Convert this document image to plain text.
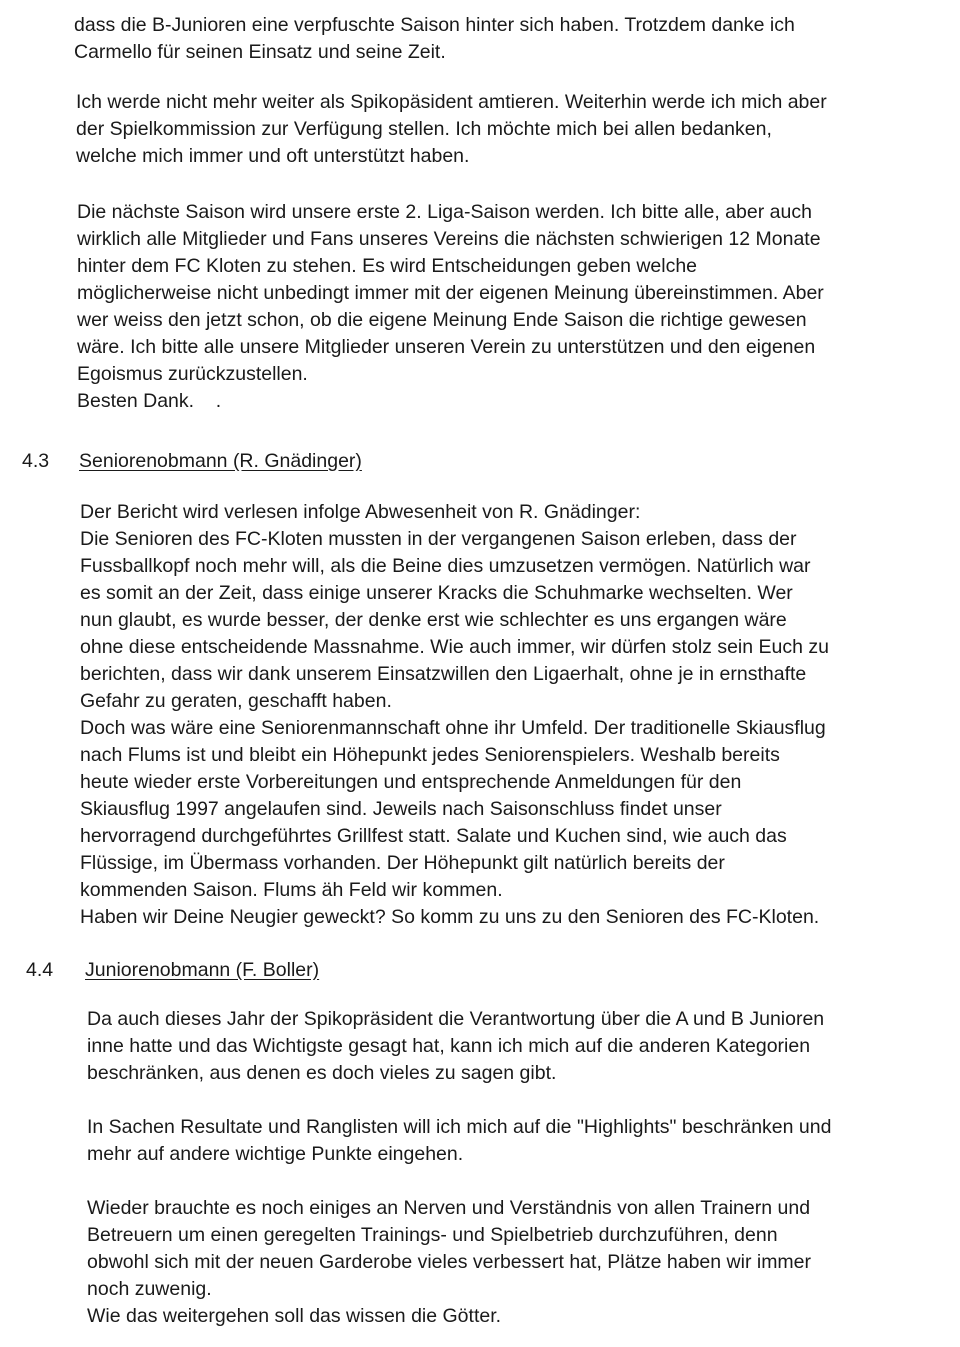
dass die B-Junioren eine verpfuschte Saison hinter sich haben. Trotzdem danke ich
Carmello für seinen Einsatz und seine Zeit.
Ich werde nicht mehr weiter als Spikopäsident amtieren. Weiterhin werde ich mich aber
der Spielkommission zur Verfügung stellen. Ich möchte mich bei allen bedanken,
welche mich immer und oft unterstützt haben.
Die nächste Saison wird unsere erste 2. Liga-Saison werden. Ich bitte alle, aber auch
wirklich alle Mitglieder und Fans unseres Vereins die nächsten schwierigen 12 Monate
hinter dem FC Kloten zu stehen. Es wird Entscheidungen geben welche
möglicherweise nicht unbedingt immer mit der eigenen Meinung übereinstimmen. Aber
wer weiss den jetzt schon, ob die eigene Meinung Ende Saison die richtige gewesen
wäre. Ich bitte alle unsere Mitglieder unseren Verein zu unterstützen und den eigenen
Egoismus zurückzustellen.
Besten Dank.    .

4.3 Seniorenobmann (R. Gnädinger)

Der Bericht wird verlesen infolge Abwesenheit von R. Gnädinger:
Die Senioren des FC-Kloten mussten in der vergangenen Saison erleben, dass der
Fussballkopf noch mehr will, als die Beine dies umzusetzen vermögen. Natürlich war
es somit an der Zeit, dass einige unserer Kracks die Schuhmarke wechselten. Wer
nun glaubt, es wurde besser, der denke erst wie schlechter es uns ergangen wäre
ohne diese entscheidende Massnahme. Wie auch immer, wir dürfen stolz sein Euch zu
berichten, dass wir dank unserem Einsatzwillen den Ligaerhalt, ohne je in ernsthafte
Gefahr zu geraten, geschafft haben.
Doch was wäre eine Seniorenmannschaft ohne ihr Umfeld. Der traditionelle Skiausflug
nach Flums ist und bleibt ein Höhepunkt jedes Seniorenspielers. Weshalb bereits
heute wieder erste Vorbereitungen und entsprechende Anmeldungen für den
Skiausflug 1997 angelaufen sind. Jeweils nach Saisonschluss findet unser
hervorragend durchgeführtes Grillfest statt. Salate und Kuchen sind, wie auch das
Flüssige, im Übermass vorhanden. Der Höhepunkt gilt natürlich bereits der
kommenden Saison. Flums äh Feld wir kommen.
Haben wir Deine Neugier geweckt? So komm zu uns zu den Senioren des FC-Kloten.

4.4 Juniorenobmann (F. Boller)

Da auch dieses Jahr der Spikopräsident die Verantwortung über die A und B Junioren
inne hatte und das Wichtigste gesagt hat, kann ich mich auf die anderen Kategorien
beschränken, aus denen es doch vieles zu sagen gibt.
In Sachen Resultate und Ranglisten will ich mich auf die "Highlights" beschränken und
mehr auf andere wichtige Punkte eingehen.
Wieder brauchte es noch einiges an Nerven und Verständnis von allen Trainern und
Betreuern um einen geregelten Trainings- und Spielbetrieb durchzuführen, denn
obwohl sich mit der neuen Garderobe vieles verbessert hat, Plätze haben wir immer
noch zuwenig.
Wie das weitergehen soll das wissen die Götter.
